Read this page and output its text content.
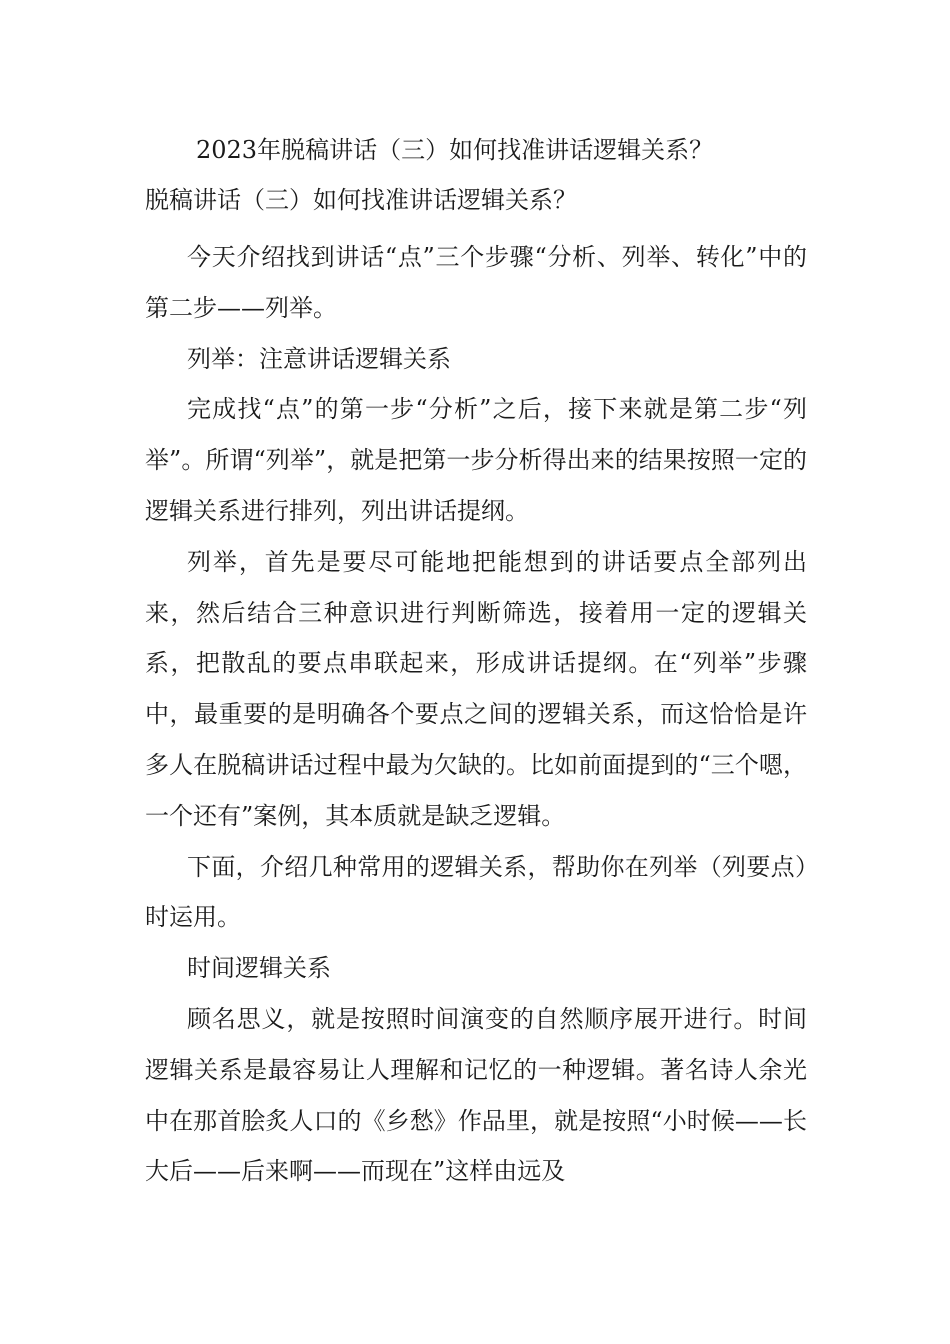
2023年脱稿讲话（三）如何找准讲话逻辑关系？
脱稿讲话（三）如何找准讲话逻辑关系？

今天介绍找到讲话“点”三个步骤“分析、列举、转化”中的第二步——列举。

列举：注意讲话逻辑关系

完成找“点”的第一步“分析”之后，接下来就是第二步“列举”。所谓“列举”，就是把第一步分析得出来的结果按照一定的逻辑关系进行排列，列出讲话提纲。

列举，首先是要尽可能地把能想到的讲话要点全部列出来，然后结合三种意识进行判断筛选，接着用一定的逻辑关系，把散乱的要点串联起来，形成讲话提纲。在“列举”步骤中，最重要的是明确各个要点之间的逻辑关系，而这恰恰是许多人在脱稿讲话过程中最为欠缺的。比如前面提到的“三个嗯，一个还有”案例，其本质就是缺乏逻辑。

下面，介绍几种常用的逻辑关系，帮助你在列举（列要点）时运用。

时间逻辑关系

顾名思义，就是按照时间演变的自然顺序展开进行。时间逻辑关系是最容易让人理解和记忆的一种逻辑。著名诗人余光中在那首脍炙人口的《乡愁》作品里，就是按照“小时候——长大后——后来啊——而现在”这样由远及
